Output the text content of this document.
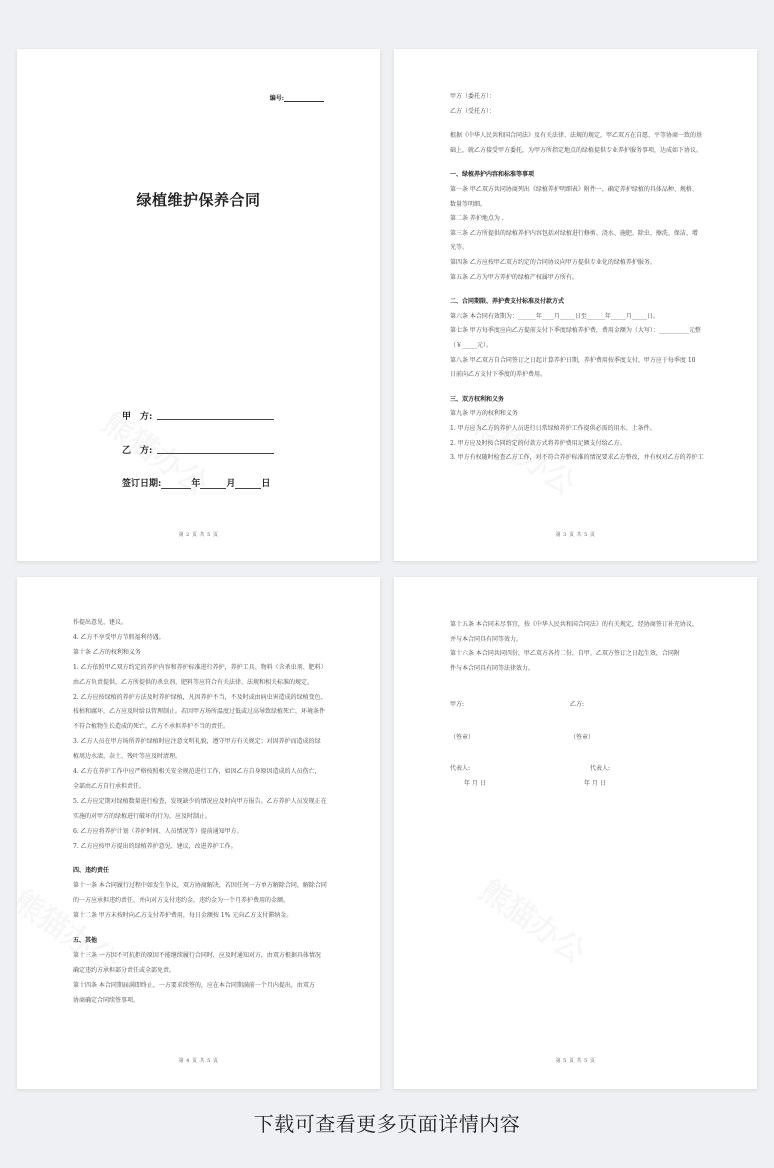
编号:
绿植维护保养合同
甲　方:
乙　方:
签订日期:	年	月	日
第 2 页 共 5 页
甲方（委托方）：
乙方（受托方）：
根据《中华人民共和国合同法》及有关法律、法规的规定，甲乙双方在自愿、平等协商一致的基
础上，就乙方接受甲方委托，为甲方所指定地点的绿植提供专业养护服务事项，达成如下协议。
一、绿植养护内容和标准等事项
第一条 甲乙双方共同协商列出《绿植养护明细表》附件一，确定养护绿植的具体品种、规格、
数量等明细。
第二条 养护地点为 .
第三条 乙方所提供的绿植养护内容包括对绿植进行修剪、浇水、施肥、除虫、擦洗、保洁、增
光等。
第四条 乙方应按甲乙双方约定的合同协议向甲方提供专业化的绿植养护服务。
第五条 乙方为甲方养护的绿植产权属甲方所有。
二、合同期限、养护费支付标准及付款方式
第六条 本合同有效期为：______年____月_____日至______年_____月_____日。
第七条 甲方每季度应向乙方提前支付下季度绿植养护费，费用金额为（大写）：__________元整
（￥_____元）。
第八条 甲乙双方自合同签订之日起计算养护日期，养护费用按季度支付，甲方应于每季度 10
日前向乙方支付下季度的养护费用。
三、双方权利和义务
第九条 甲方的权利和义务
1. 甲方应为乙方的养护人员进行日常绿植养护工作提供必需的用水、土条件。
2. 甲方应及时按合同约定的付款方式将养护费用足额支付给乙方。
3. 甲方有权随时检查乙方工作，对不符合养护标准的情况要求乙方整改，并有权对乙方的养护工
第 3 页 共 5 页
作提出意见、建议。
4. 乙方不享受甲方节假福利待遇。
第十条 乙方的权利和义务
1. 乙方依照甲乙双方约定的养护内容和养护标准进行养护，养护工具、物料（含杀虫剂、肥料）
由乙方负责提供，乙方所提供的杀虫剂、肥料等应符合有关法律、法规和相关标准的规定。
2. 乙方应按绿植的养护方法及时养护绿植，凡因养护不当，不及时或由病虫害造成的绿植变色、
枝枯和腐坏，乙方应及时给以管理制止。若因甲方场所温度过低或过高导致绿植死亡，环境条件
不符合植物生长造成的死亡，乙方不承担养护不当的责任。
3. 乙方人员在甲方场所养护绿植时应注意文明礼貌，遵守甲方有关规定；对因养护而造成的绿
植周边水渍、杂土、残叶等应及时清理。
4. 乙方在养护工作中应严格按照相关安全规范进行工作，如因乙方自身原因造成的人员伤亡，
全部由乙方自行承担责任。
5. 乙方应定期对绿植数量进行检查，发现缺少的情况应及时向甲方报告。乙方养护人员发现正在
实施的对甲方的绿植进行破坏的行为，应及时制止。
6. 乙方应将养护计划（养护时间、人员情况等）提前通知甲方。
7. 乙方应按甲方提出的绿植养护意见、建议，改进养护工作。
四、违约责任
第十一条 本合同履行过程中如发生争议，双方协商解决，若因任何一方单方解除合同，解除合同
的一方应承担违约责任，并向对方支付违约金，违约金为一个月养护费用的金额。
第十二条 甲方未按时向乙方支付养护费用，每日金额按 1% 元向乙方支付滞纳金。
五、其他
第十三条 一方因不可抗拒的原因不能继续履行合同时，应及时通知对方，由双方根据具体情况
确定违约方承担部分责任或全部免责。
第十四条 本合同期届满即终止，一方要求续签的，应在本合同期满前一个月内提出，由双方
协商确定合同续签事项。
第 4 页 共 5 页
第十五条 本合同未尽事宜，按《中华人民共和国合同法》的有关规定，经协商签订补充协议，
并与本合同具有同等效力。
第十六条 本合同共同四份，甲乙双方各持二份，自甲、乙双方签订之日起生效，合同附
件与本合同具有同等法律效力。
甲方:	乙方:
（签章）	（签章）
代表人:	代表人:
年 月 日	年 月 日
第 5 页 共 5 页
下载可查看更多页面详情内容
